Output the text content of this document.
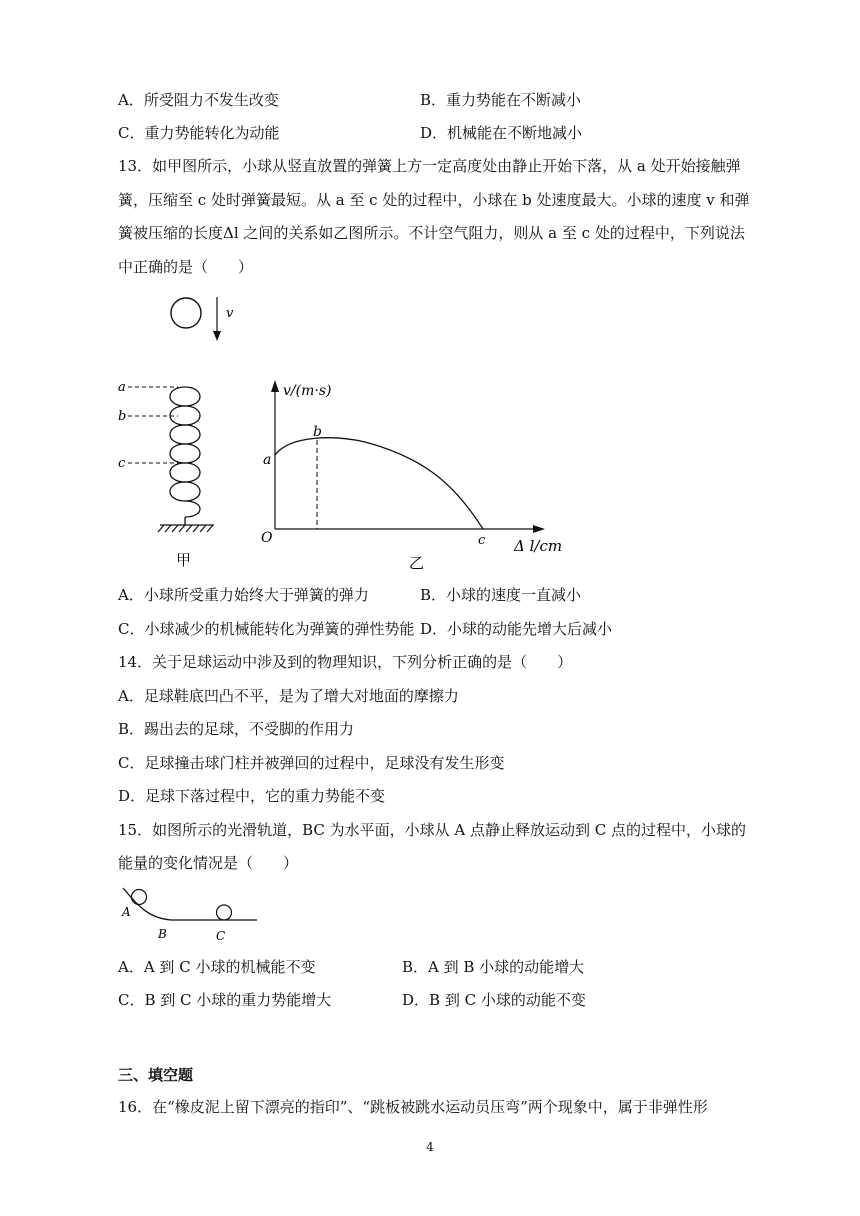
A．所受阻力不发生改变	B．重力势能在不断减小
C．重力势能转化为动能	D．机械能在不断地减小
13．如甲图所示，小球从竖直放置的弹簧上方一定高度处由静止开始下落，从 a 处开始接触弹
簧，压缩至 c 处时弹簧最短。从 a 至 c 处的过程中，小球在 b 处速度最大。小球的速度 v 和弹
簧被压缩的长度Δl 之间的关系如乙图所示。不计空气阻力，则从 a 至 c 处的过程中，下列说法
中正确的是（　　）
v
a
b
c
甲
v/(m·s)
Δ l/cm
O
a
b
c
乙
A．小球所受重力始终大于弹簧的弹力	B．小球的速度一直减小
C．小球减少的机械能转化为弹簧的弹性势能 D．小球的动能先增大后减小
14．关于足球运动中涉及到的物理知识，下列分析正确的是（　　）
A．足球鞋底凹凸不平，是为了增大对地面的摩擦力
B．踢出去的足球，不受脚的作用力
C．足球撞击球门柱并被弹回的过程中，足球没有发生形变
D．足球下落过程中，它的重力势能不变
15．如图所示的光滑轨道，BC 为水平面，小球从 A 点静止释放运动到 C 点的过程中，小球的
能量的变化情况是（　　）
A
B	C
A．A 到 C 小球的机械能不变	B．A 到 B 小球的动能增大
C．B 到 C 小球的重力势能增大	D．B 到 C 小球的动能不变
三、填空题
16．在“橡皮泥上留下漂亮的指印”、“跳板被跳水运动员压弯”两个现象中，属于非弹性形
4
